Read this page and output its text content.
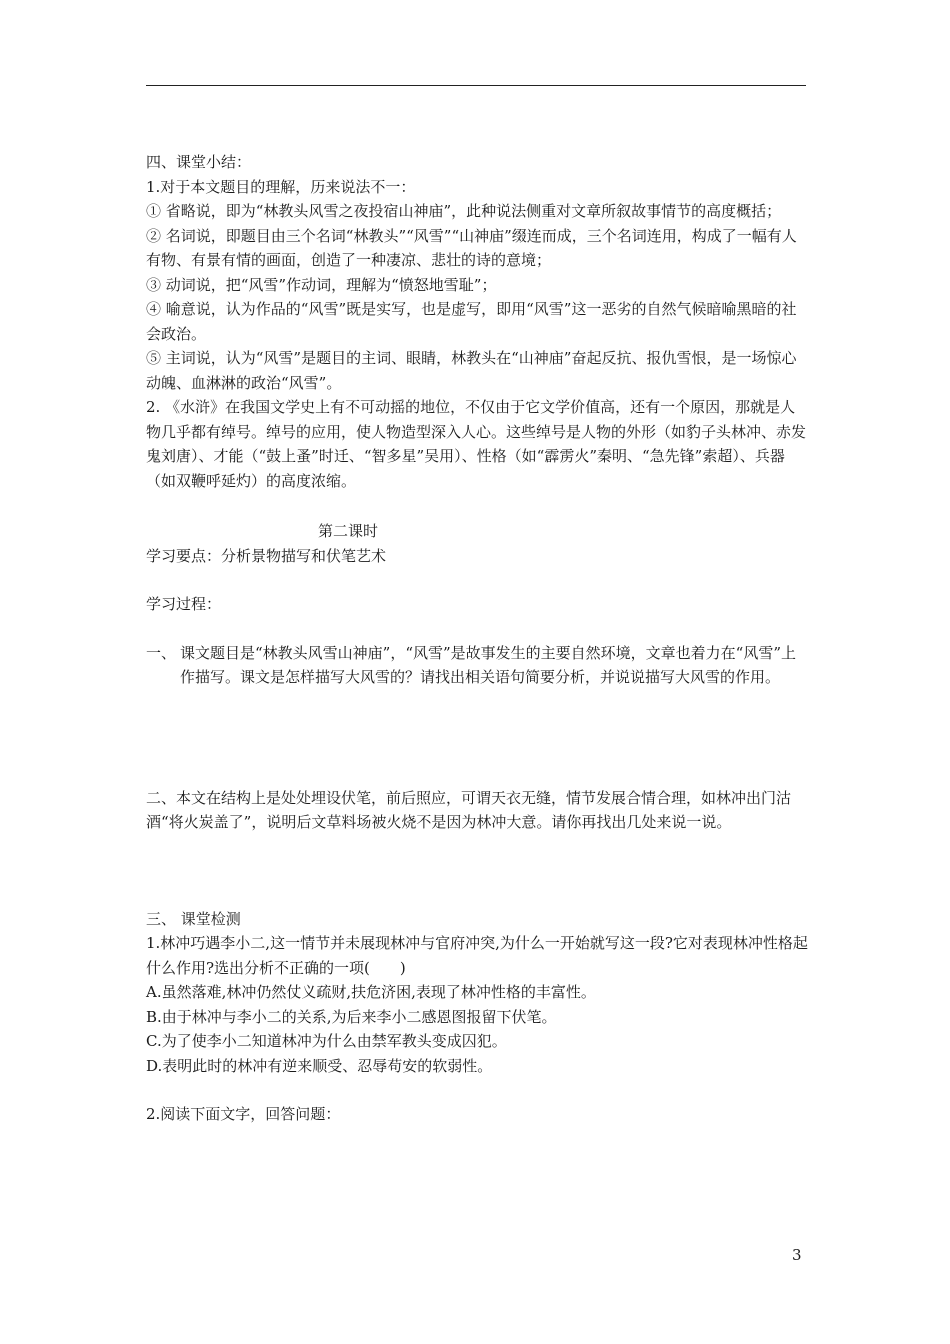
四、课堂小结：

1.对于本文题目的理解，历来说法不一：

① 省略说，即为“林教头风雪之夜投宿山神庙”，此种说法侧重对文章所叙故事情节的高度概括；

② 名词说，即题目由三个名词“林教头”“风雪”“山神庙”缀连而成，三个名词连用，构成了一幅有人有物、有景有情的画面，创造了一种凄凉、悲壮的诗的意境；

③ 动词说，把“风雪”作动词，理解为“愤怒地雪耻”；

④ 喻意说，认为作品的“风雪”既是实写，也是虚写，即用“风雪”这一恶劣的自然气候暗喻黑暗的社会政治。

⑤ 主词说，认为“风雪”是题目的主词、眼睛，林教头在“山神庙”奋起反抗、报仇雪恨，是一场惊心动魄、血淋淋的政治“风雪”。

2. 《水浒》在我国文学史上有不可动摇的地位，不仅由于它文学价值高，还有一个原因，那就是人物几乎都有绰号。绰号的应用，使人物造型深入人心。这些绰号是人物的外形（如豹子头林冲、赤发鬼刘唐）、才能（“鼓上蚤”时迁、“智多星”吴用）、性格（如“霹雳火”秦明、“急先锋”索超）、兵器（如双鞭呼延灼）的高度浓缩。

第二课时

学习要点：分析景物描写和伏笔艺术

学习过程：

一、 课文题目是“林教头风雪山神庙”，“风雪”是故事发生的主要自然环境，文章也着力在“风雪”上作描写。课文是怎样描写大风雪的？请找出相关语句简要分析，并说说描写大风雪的作用。

二、本文在结构上是处处埋设伏笔，前后照应，可谓天衣无缝，情节发展合情合理，如林冲出门沽酒“将火炭盖了”，说明后文草料场被火烧不是因为林冲大意。请你再找出几处来说一说。

三、 课堂检测

1.林冲巧遇李小二,这一情节并未展现林冲与官府冲突,为什么一开始就写这一段?它对表现林冲性格起什么作用?选出分析不正确的一项(　　)

A.虽然落难,林冲仍然仗义疏财,扶危济困,表现了林冲性格的丰富性。

B.由于林冲与李小二的关系,为后来李小二感恩图报留下伏笔。

C.为了使李小二知道林冲为什么由禁军教头变成囚犯。

D.表明此时的林冲有逆来顺受、忍辱苟安的软弱性。

2.阅读下面文字，回答问题：

3
